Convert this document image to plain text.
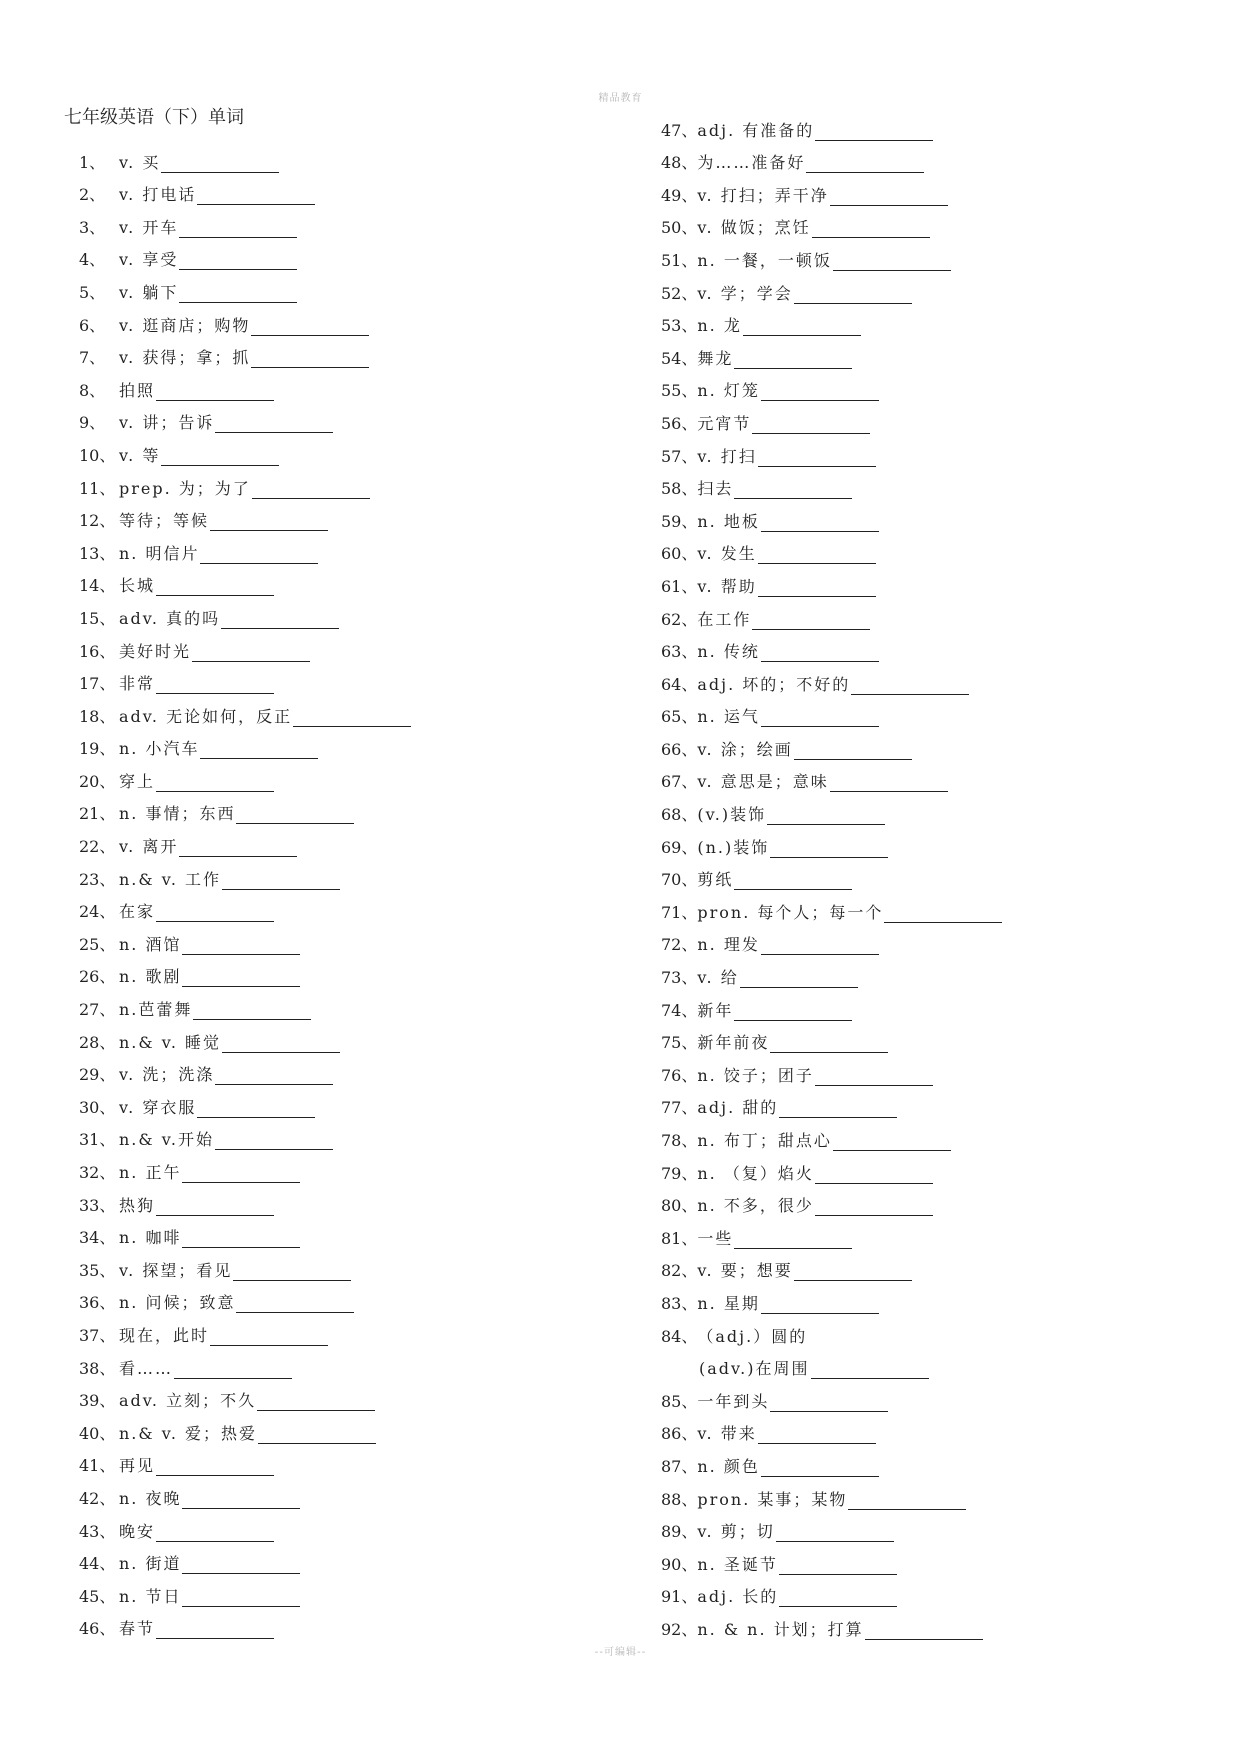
精品教育
七年级英语（下）单词
1、 v. 买
2、 v. 打电话
3、 v. 开车
4、 v. 享受
5、 v. 躺下
6、 v. 逛商店；购物
7、 v. 获得；拿；抓
8、 拍照
9、 v. 讲；告诉
10、 v. 等
11、 prep. 为；为了
12、 等待；等候
13、 n. 明信片
14、 长城
15、 adv. 真的吗
16、 美好时光
17、 非常
18、 adv. 无论如何，反正
19、 n. 小汽车
20、 穿上
21、 n. 事情；东西
22、 v. 离开
23、 n.& v. 工作
24、 在家
25、 n. 酒馆
26、 n. 歌剧
27、 n.芭蕾舞
28、 n.& v. 睡觉
29、 v. 洗；洗涤
30、 v. 穿衣服
31、 n.& v.开始
32、 n. 正午
33、 热狗
34、 n. 咖啡
35、 v. 探望；看见
36、 n. 问候；致意
37、 现在，此时
38、 看……
39、 adv. 立刻；不久
40、 n.& v. 爱；热爱
41、 再见
42、 n. 夜晚
43、 晚安
44、 n. 街道
45、 n. 节日
46、 春节
47、 adj. 有准备的
48、 为……准备好
49、 v. 打扫；弄干净
50、 v. 做饭；烹饪
51、 n. 一餐，一顿饭
52、 v. 学；学会
53、 n. 龙
54、 舞龙
55、 n. 灯笼
56、 元宵节
57、 v. 打扫
58、 扫去
59、 n. 地板
60、 v. 发生
61、 v. 帮助
62、 在工作
63、 n. 传统
64、 adj. 坏的；不好的
65、 n. 运气
66、 v. 涂；绘画
67、 v. 意思是；意味
68、 (v.)装饰
69、 (n.)装饰
70、 剪纸
71、 pron. 每个人；每一个
72、 n. 理发
73、 v. 给
74、 新年
75、 新年前夜
76、 n. 饺子；团子
77、 adj. 甜的
78、 n. 布丁；甜点心
79、 n. （复）焰火
80、 n. 不多，很少
81、 一些
82、 v. 要；想要
83、 n. 星期
84、 （adj.）圆的
(adv.)在周围
85、 一年到头
86、 v. 带来
87、 n. 颜色
88、 pron. 某事；某物
89、 v. 剪；切
90、 n. 圣诞节
91、 adj. 长的
92、 n. & n. 计划；打算
--可编辑--
